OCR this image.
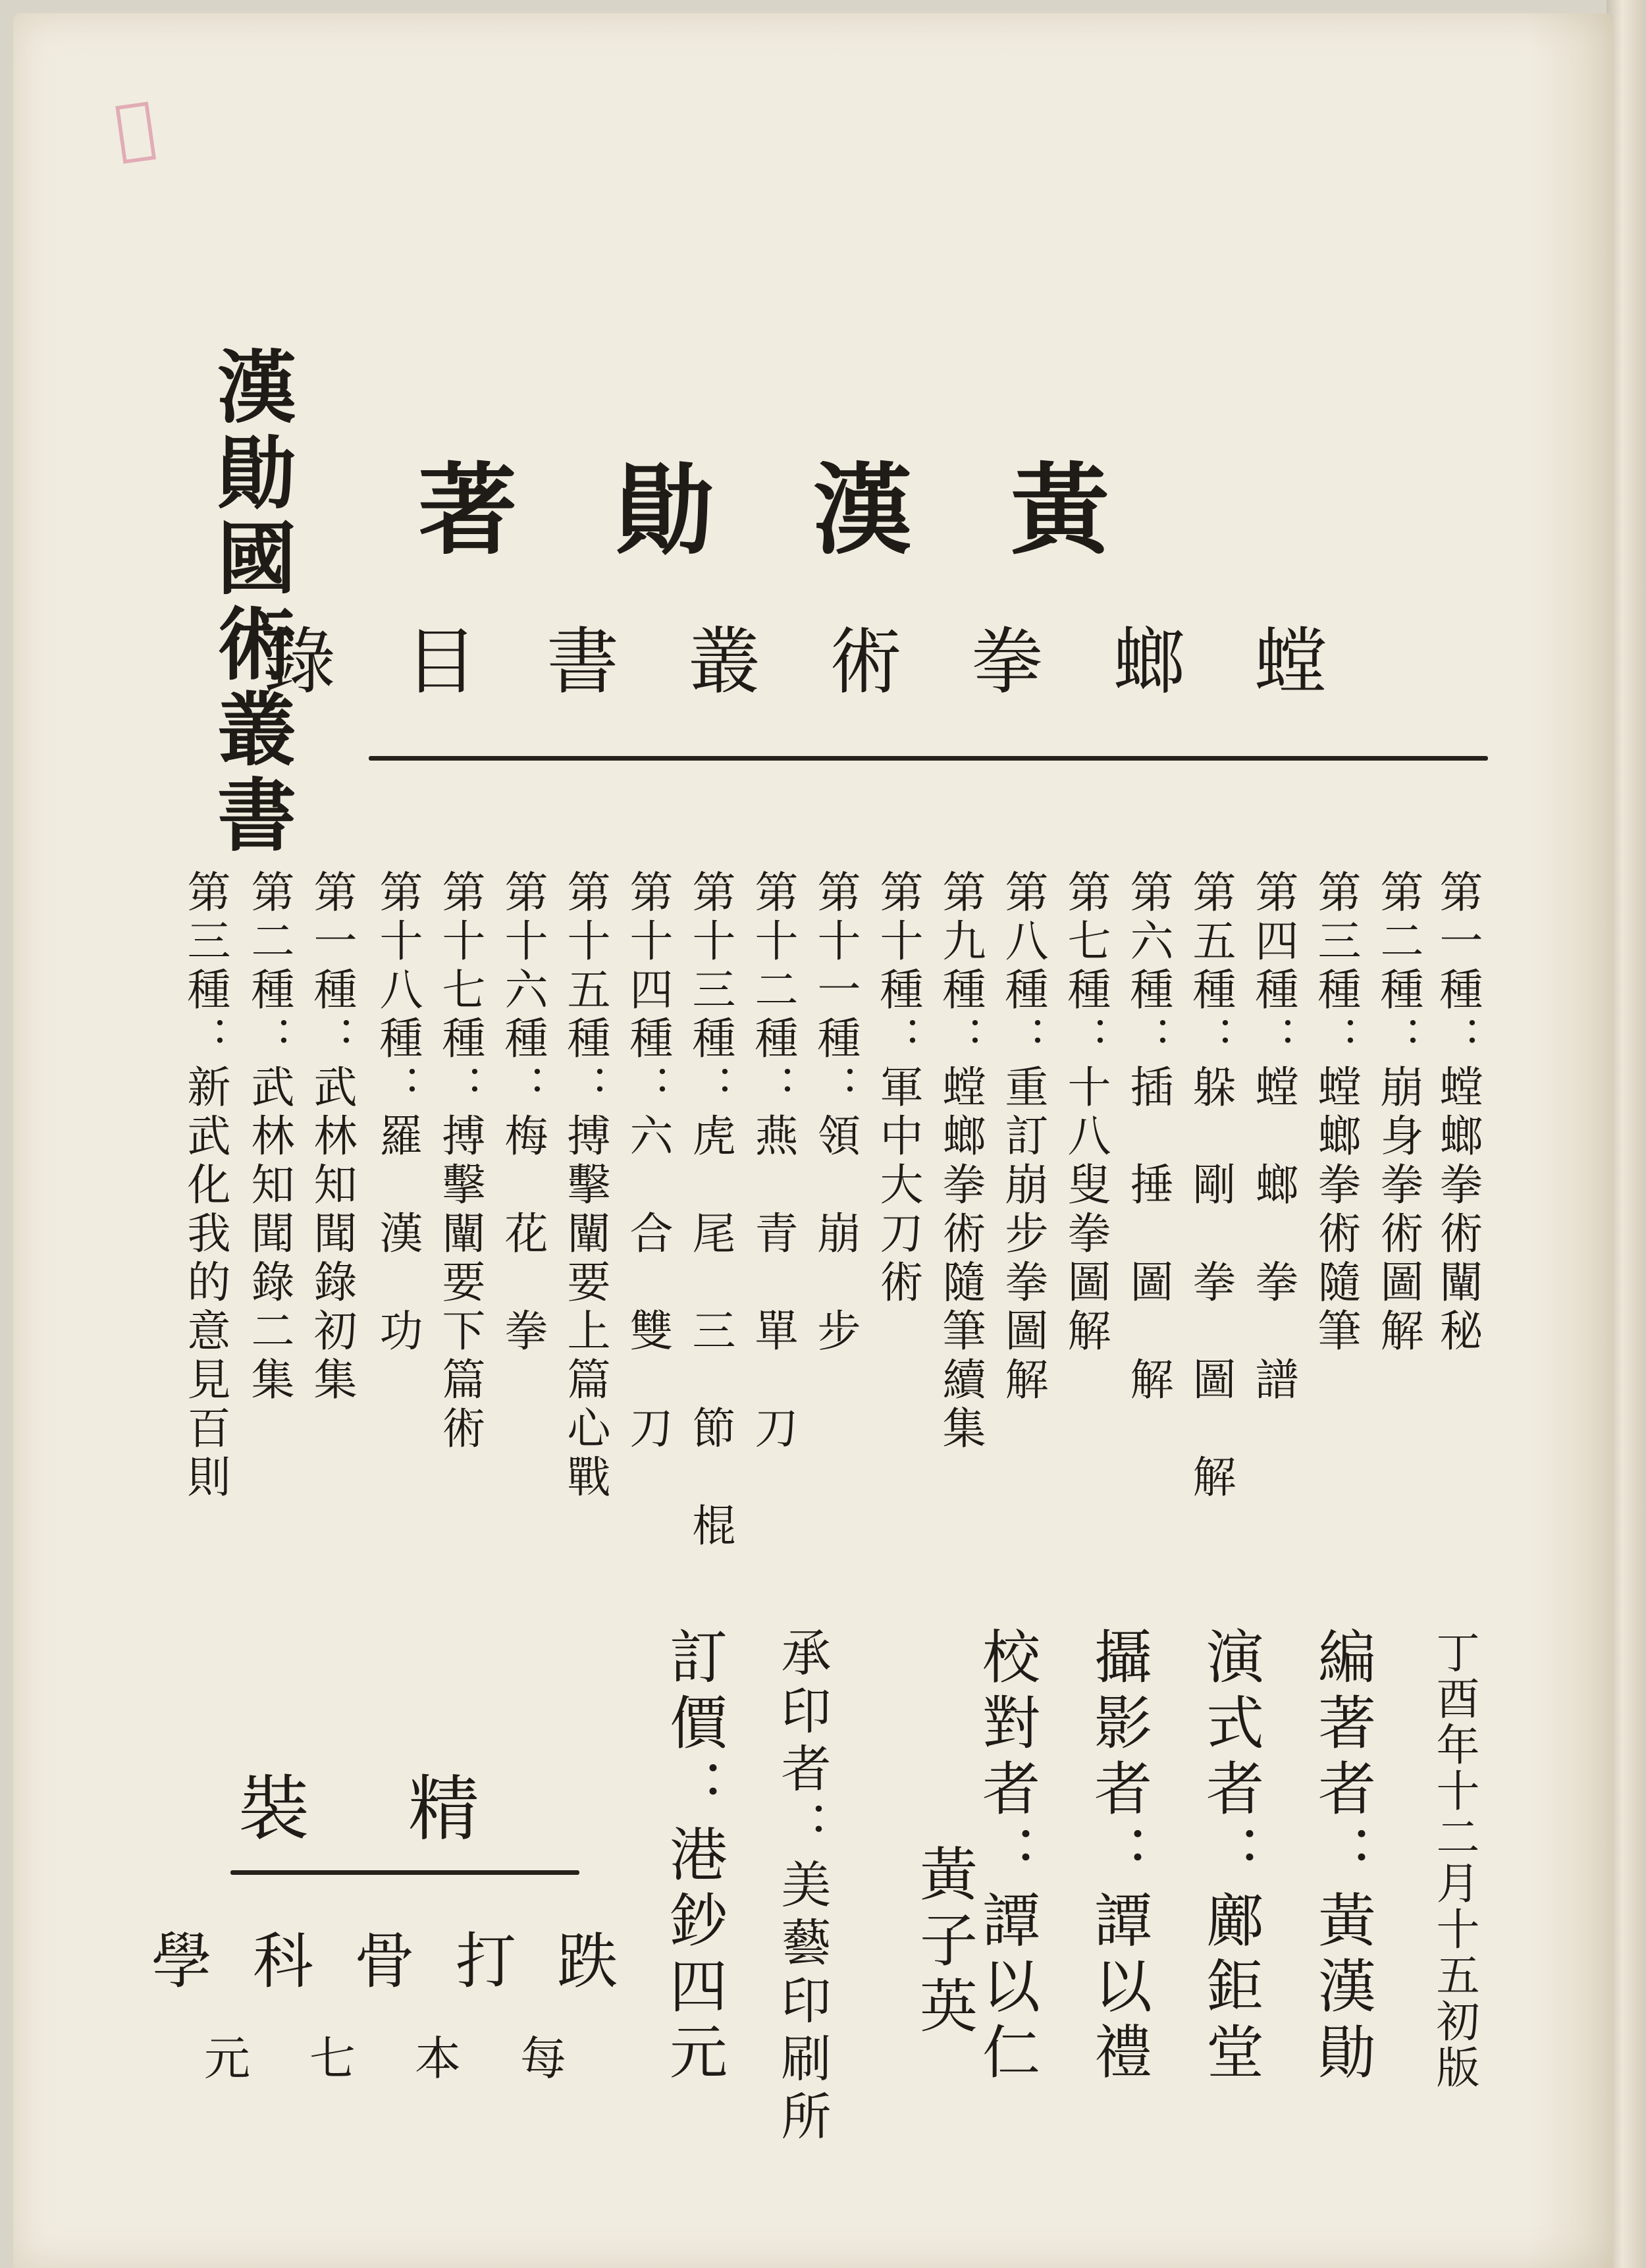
𠂻
漢勛國術叢書	黃漢勛著
螳螂拳術叢書目錄
第一種：螳螂拳術闡秘
第二種：崩身拳術圖解
第三種：螳螂拳術隨筆
第四種：螳　螂　拳　譜
第五種：躲　剛　拳　圖　解
第六種：插　捶　圖　解
第七種：十八叟拳圖解
第八種：重訂崩步拳圖解
第九種：螳螂拳術隨筆續集
第十種：軍中大刀術
第十一種：領　崩　步
第十二種：燕　青　單　刀
第十三種：虎　尾　三　節　棍
第十四種：六　合　雙　刀
第十五種：搏擊闡要上篇心戰
第十六種：梅　花　拳
第十七種：搏擊闡要下篇術
第十八種：羅　漢　功
第一種：武林知聞錄初集
第二種：武林知聞錄二集
第三種：新武化我的意見百則
丁酉年十二月十五初版
編著者：黃漢勛
演式者：鄺鉅堂
攝影者：譚以禮
校對者：譚以仁
黃子英
承印者：美藝印刷所
訂價：港鈔四元
精裝
跌打骨科學
每本七元
